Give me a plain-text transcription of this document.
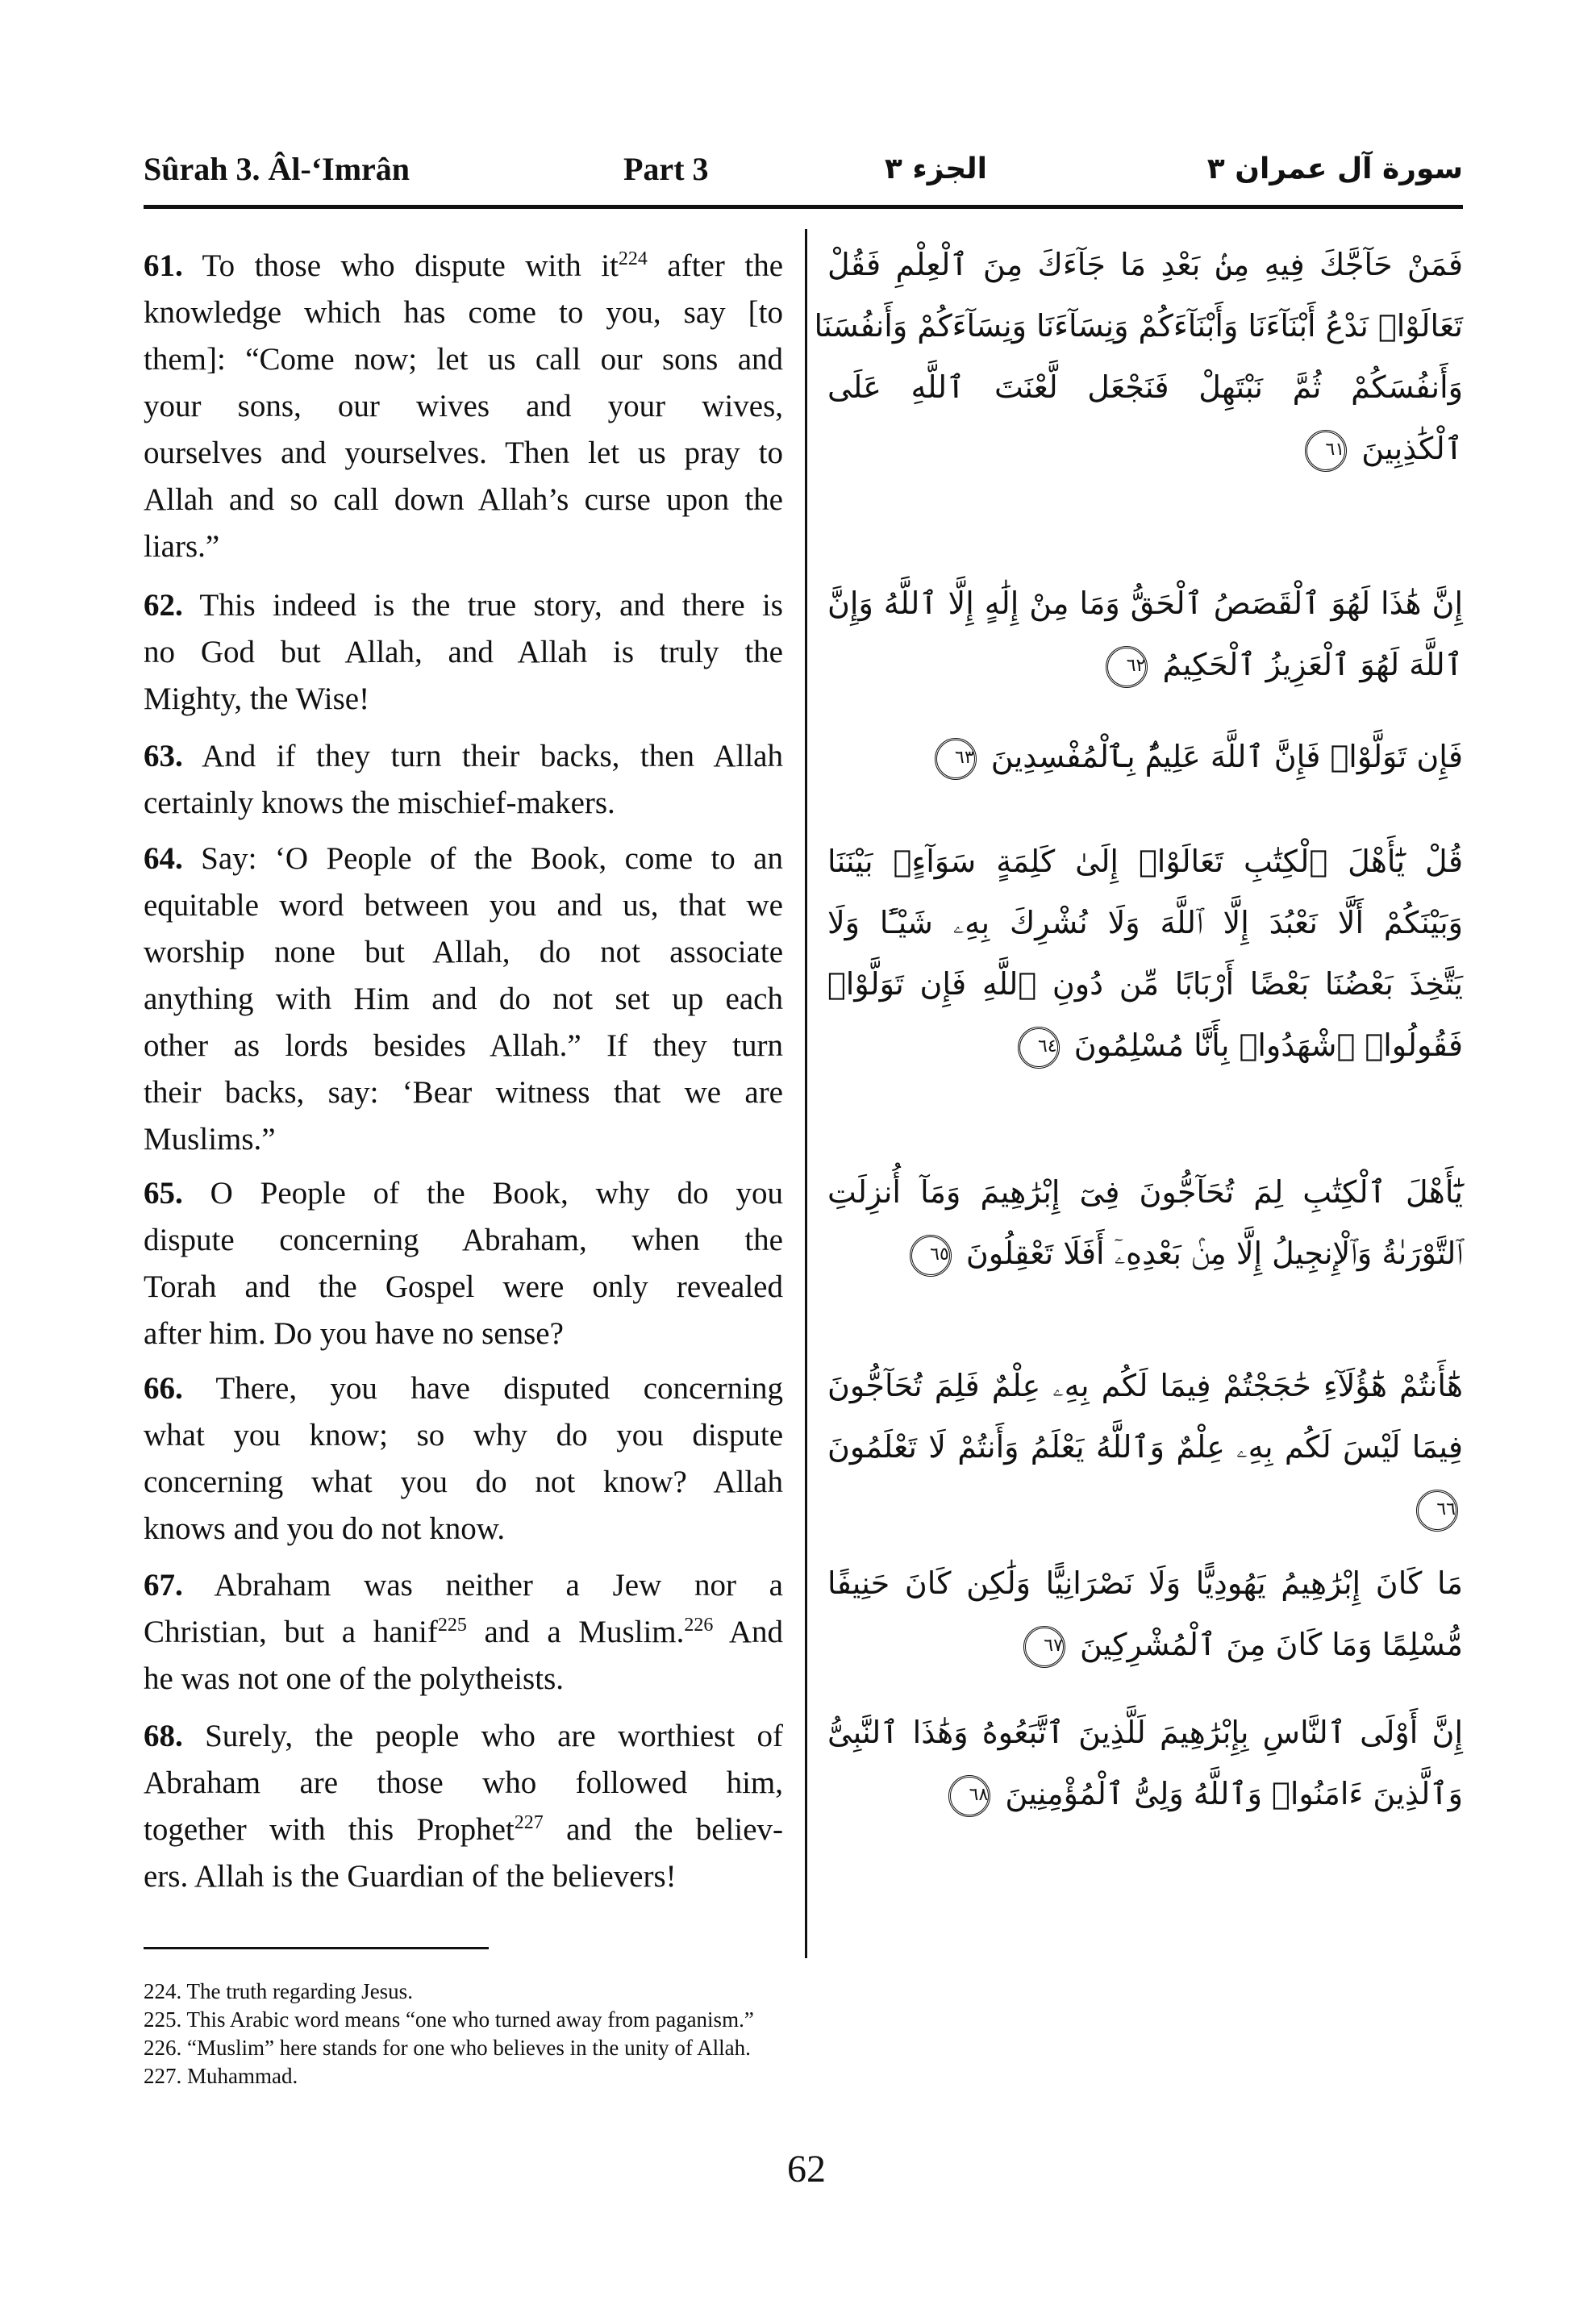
Sûrah 3. Âl-‘Imrân	Part 3	الجزء ٣	سورة آل عمران ٣
61. To those who dispute with $it^{224}$ after the
knowledge which has come to you, say [to
them]: “Come now; let us call our sons and
your sons, our wives and your wives,
ourselves and yourselves. Then let us pray to
Allah and so call down Allah’s curse upon the
liars.”
62. This indeed is the true story, and there is
no God but Allah, and Allah is truly the
Mighty, the Wise!
63. And if they turn their backs, then Allah
certainly knows the mischief-makers.
64. Say: ‘O People of the Book, come to an
equitable word between you and us, that we
worship none but Allah, do not associate
anything with Him and do not set up each
other as lords besides Allah.” If they turn
their backs, say: ‘Bear witness that we are
Muslims.”
65. O People of the Book, why do you
dispute concerning Abraham, when the
Torah and the Gospel were only revealed
after him. Do you have no sense?
66. There, you have disputed concerning
what you know; so why do you dispute
concerning what you do not know? Allah
knows and you do not know.
67. Abraham was neither a Jew nor a
Christian, but a hanif$^{225}$ and a Muslim.$^{226}$ And
he was not one of the polytheists.
68. Surely, the people who are worthiest of
Abraham are those who followed him,
together with this Prophet$^{227}$ and the believ-
ers. Allah is the Guardian of the believers!
فَمَنْ حَآجَّكَ فِيهِ مِنۢ بَعْدِ مَا جَآءَكَ مِنَ ٱلْعِلْمِ فَقُلْ
تَعَالَوْا۟ نَدْعُ أَبْنَآءَنَا وَأَبْنَآءَكُمْ وَنِسَآءَنَا وَنِسَآءَكُمْ وَأَنفُسَنَا
وَأَنفُسَكُمْ ثُمَّ نَبْتَهِلْ فَنَجْعَل لَّعْنَتَ ٱللَّهِ عَلَى
ٱلْكَٰذِبِينَ ٦١
إِنَّ هَٰذَا لَهُوَ ٱلْقَصَصُ ٱلْحَقُّ وَمَا مِنْ إِلَٰهٍ إِلَّا ٱللَّهُ وَإِنَّ
ٱللَّهَ لَهُوَ ٱلْعَزِيزُ ٱلْحَكِيمُ ٦٢
فَإِن تَوَلَّوْا۟ فَإِنَّ ٱللَّهَ عَلِيمٌۢ بِٱلْمُفْسِدِينَ ٦٣
قُلْ يَٰٓأَهْلَ ٱلْكِتَٰبِ تَعَالَوْا۟ إِلَىٰ كَلِمَةٍ سَوَآءٍۭ بَيْنَنَا
وَبَيْنَكُمْ أَلَّا نَعْبُدَ إِلَّا ٱللَّهَ وَلَا نُشْرِكَ بِهِۦ شَيْـًٔا وَلَا
يَتَّخِذَ بَعْضُنَا بَعْضًا أَرْبَابًا مِّن دُونِ ٱللَّهِ فَإِن تَوَلَّوْا۟
فَقُولُوا۟ ٱشْهَدُوا۟ بِأَنَّا مُسْلِمُونَ ٦٤
يَٰٓأَهْلَ ٱلْكِتَٰبِ لِمَ تُحَآجُّونَ فِىٓ إِبْرَٰهِيمَ وَمَآ أُنزِلَتِ
ٱلتَّوْرَىٰةُ وَٱلْإِنجِيلُ إِلَّا مِنۢ بَعْدِهِۦٓ أَفَلَا تَعْقِلُونَ ٦٥
هَٰٓأَنتُمْ هَٰٓؤُلَآءِ حَٰجَجْتُمْ فِيمَا لَكُم بِهِۦ عِلْمٌ فَلِمَ تُحَآجُّونَ
فِيمَا لَيْسَ لَكُم بِهِۦ عِلْمٌ وَٱللَّهُ يَعْلَمُ وَأَنتُمْ لَا تَعْلَمُونَ
٦٦
مَا كَانَ إِبْرَٰهِيمُ يَهُودِيًّا وَلَا نَصْرَانِيًّا وَلَٰكِن كَانَ حَنِيفًا
مُّسْلِمًا وَمَا كَانَ مِنَ ٱلْمُشْرِكِينَ ٦٧
إِنَّ أَوْلَى ٱلنَّاسِ بِإِبْرَٰهِيمَ لَلَّذِينَ ٱتَّبَعُوهُ وَهَٰذَا ٱلنَّبِىُّ
وَٱلَّذِينَ ءَامَنُوا۟ وَٱللَّهُ وَلِىُّ ٱلْمُؤْمِنِينَ ٦٨
224. The truth regarding Jesus.
225. This Arabic word means “one who turned away from paganism.”
226. “Muslim” here stands for one who believes in the unity of Allah.
227. Muhammad.
62
